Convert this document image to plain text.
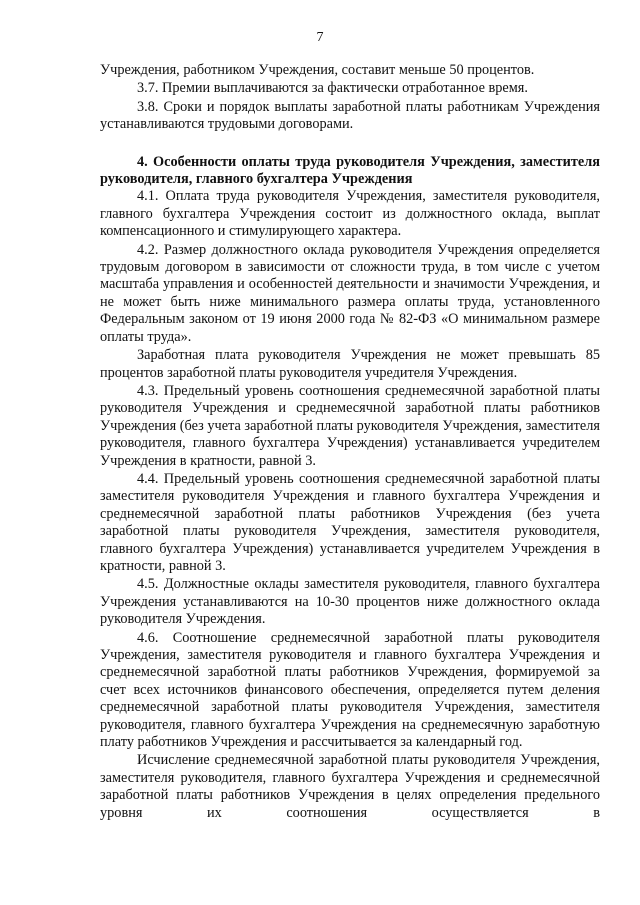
7

Учреждения, работником Учреждения, составит меньше 50 процентов.

3.7. Премии выплачиваются за фактически отработанное время.

3.8. Сроки и порядок выплаты заработной платы работникам Учреждения устанавливаются трудовыми договорами.

4. Особенности оплаты труда руководителя Учреждения, заместителя руководителя, главного бухгалтера Учреждения

4.1. Оплата труда руководителя Учреждения, заместителя руководителя, главного бухгалтера Учреждения состоит из должностного оклада, выплат компенсационного и стимулирующего характера.

4.2. Размер должностного оклада руководителя Учреждения определяется трудовым договором в зависимости от сложности труда, в том числе с учетом масштаба управления и особенностей деятельности и значимости Учреждения, и не может быть ниже минимального размера оплаты труда, установленного Федеральным законом от 19 июня 2000 года № 82-ФЗ «О минимальном размере оплаты труда».

Заработная плата руководителя Учреждения не может превышать 85 процентов заработной платы руководителя учредителя Учреждения.

4.3. Предельный уровень соотношения среднемесячной заработной платы руководителя Учреждения и среднемесячной заработной платы работников Учреждения (без учета заработной платы руководителя Учреждения, заместителя руководителя, главного бухгалтера Учреждения) устанавливается учредителем Учреждения в кратности, равной 3.

4.4. Предельный уровень соотношения среднемесячной заработной платы заместителя руководителя Учреждения и главного бухгалтера Учреждения и среднемесячной заработной платы работников Учреждения (без учета заработной платы руководителя Учреждения, заместителя руководителя, главного бухгалтера Учреждения) устанавливается учредителем Учреждения в кратности, равной 3.

4.5. Должностные оклады заместителя руководителя, главного бухгалтера Учреждения устанавливаются на 10-30 процентов ниже должностного оклада руководителя Учреждения.

4.6. Соотношение среднемесячной заработной платы руководителя Учреждения, заместителя руководителя и главного бухгалтера Учреждения и среднемесячной заработной платы работников Учреждения, формируемой за счет всех источников финансового обеспечения, определяется путем деления среднемесячной заработной платы руководителя Учреждения, заместителя руководителя, главного бухгалтера Учреждения на среднемесячную заработную плату работников Учреждения и рассчитывается за календарный год.

Исчисление среднемесячной заработной платы руководителя Учреждения, заместителя руководителя, главного бухгалтера Учреждения и среднемесячной заработной платы работников Учреждения в целях определения предельного уровня их соотношения осуществляется в
